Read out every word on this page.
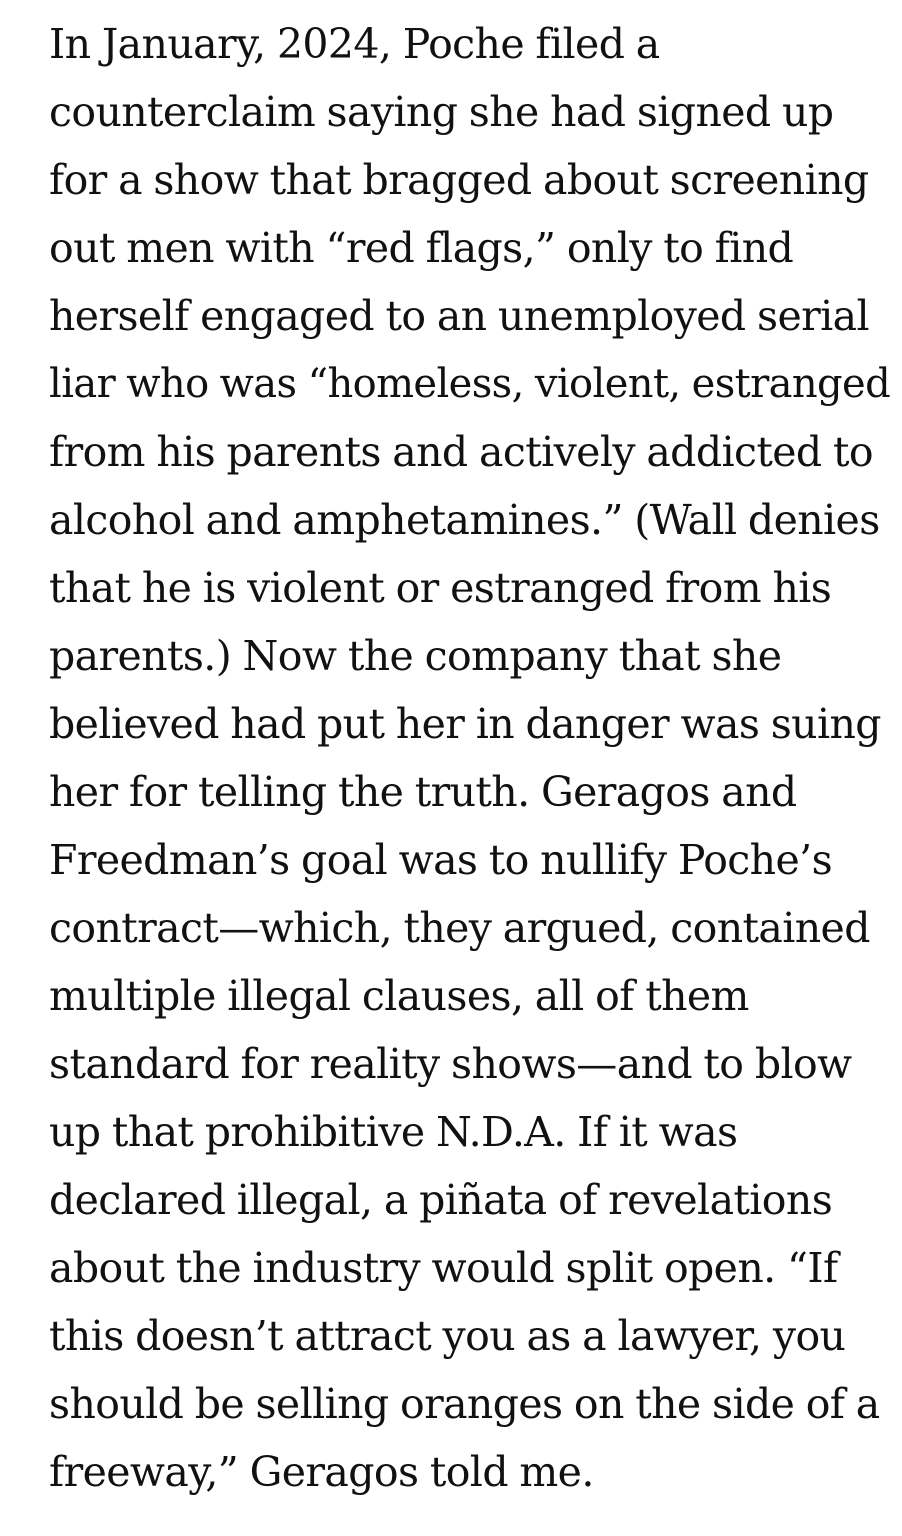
In January, 2024, Poche filed a
counterclaim saying she had signed up
for a show that bragged about screening
out men with “red flags,” only to find
herself engaged to an unemployed serial
liar who was “homeless, violent, estranged
from his parents and actively addicted to
alcohol and amphetamines.” (Wall denies
that he is violent or estranged from his
parents.) Now the company that she
believed had put her in danger was suing
her for telling the truth. Geragos and
Freedman’s goal was to nullify Poche’s
contract—which, they argued, contained
multiple illegal clauses, all of them
standard for reality shows—and to blow
up that prohibitive N.D.A. If it was
declared illegal, a piñata of revelations
about the industry would split open. “If
this doesn’t attract you as a lawyer, you
should be selling oranges on the side of a
freeway,” Geragos told me.
